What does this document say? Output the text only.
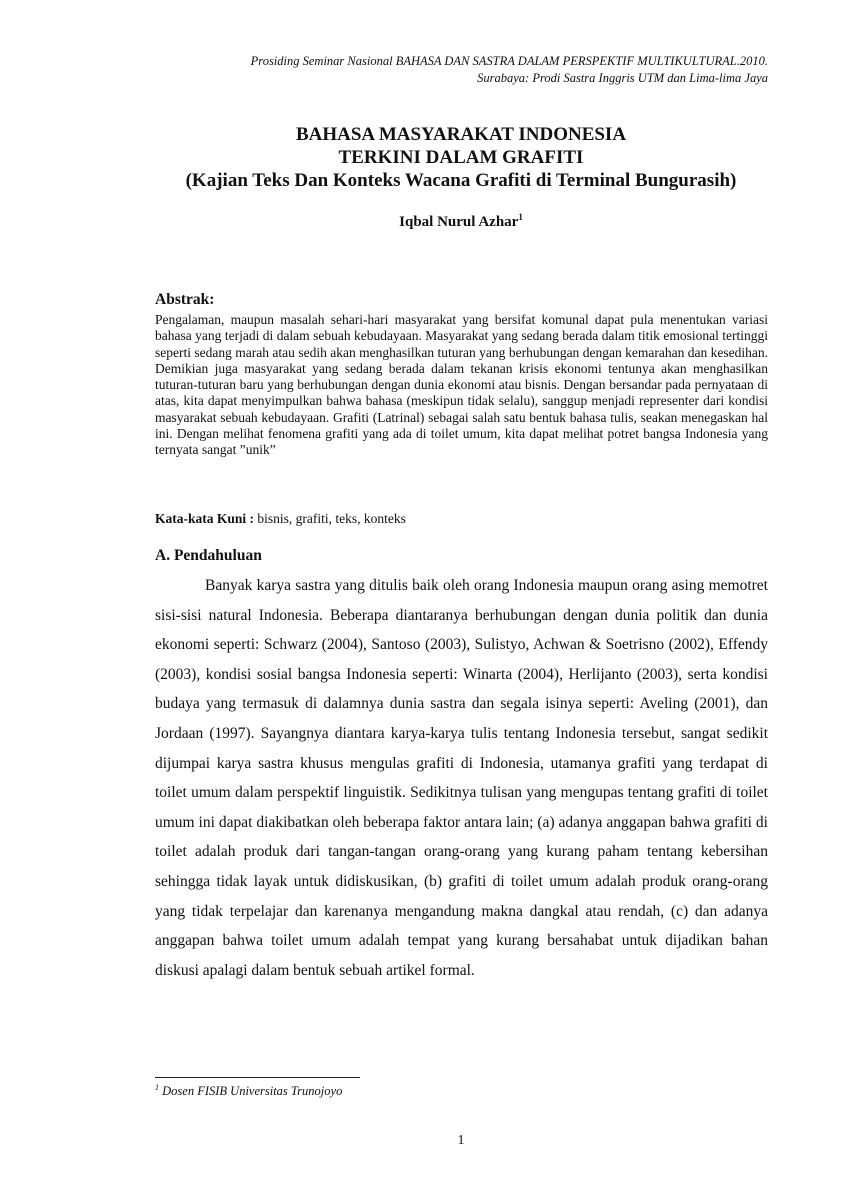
Prosiding Seminar Nasional BAHASA DAN SASTRA DALAM PERSPEKTIF MULTIKULTURAL.2010.
Surabaya: Prodi Sastra Inggris UTM dan Lima-lima Jaya
BAHASA MASYARAKAT INDONESIA
TERKINI DALAM GRAFITI
(Kajian Teks Dan Konteks Wacana Grafiti di Terminal Bungurasih)
Iqbal Nurul Azhar$^1$
Abstrak:
Pengalaman, maupun masalah sehari-hari masyarakat yang bersifat komunal dapat pula menentukan variasi bahasa yang terjadi di dalam sebuah kebudayaan. Masyarakat yang sedang berada dalam titik emosional tertinggi seperti sedang marah atau sedih akan menghasilkan tuturan yang berhubungan dengan kemarahan dan kesedihan. Demikian juga masyarakat yang sedang berada dalam tekanan krisis ekonomi tentunya akan menghasilkan tuturan-tuturan baru yang berhubungan dengan dunia ekonomi atau bisnis. Dengan bersandar pada pernyataan di atas, kita dapat menyimpulkan bahwa bahasa (meskipun tidak selalu), sanggup menjadi representer dari kondisi masyarakat sebuah kebudayaan. Grafiti (Latrinal) sebagai salah satu bentuk bahasa tulis, seakan menegaskan hal ini. Dengan melihat fenomena grafiti yang ada di toilet umum, kita dapat melihat potret bangsa Indonesia yang ternyata sangat ”unik”
Kata-kata Kuni : bisnis, grafiti, teks, konteks
A. Pendahuluan
Banyak karya sastra yang ditulis baik oleh orang Indonesia maupun orang asing memotret sisi-sisi natural Indonesia. Beberapa diantaranya berhubungan dengan dunia politik dan dunia ekonomi seperti: Schwarz (2004), Santoso (2003), Sulistyo, Achwan & Soetrisno (2002), Effendy (2003), kondisi sosial bangsa Indonesia seperti: Winarta (2004), Herlijanto (2003), serta kondisi budaya yang termasuk di dalamnya dunia sastra dan segala isinya seperti: Aveling (2001), dan Jordaan (1997). Sayangnya diantara karya-karya tulis tentang Indonesia tersebut, sangat sedikit dijumpai karya sastra khusus mengulas grafiti di Indonesia, utamanya grafiti yang terdapat di toilet umum dalam perspektif linguistik. Sedikitnya tulisan yang mengupas tentang grafiti di toilet umum ini dapat diakibatkan oleh beberapa faktor antara lain; (a) adanya anggapan bahwa grafiti di toilet adalah produk dari tangan-tangan orang-orang yang kurang paham tentang kebersihan sehingga tidak layak untuk didiskusikan, (b) grafiti di toilet umum adalah produk orang-orang yang tidak terpelajar dan karenanya mengandung makna dangkal atau rendah, (c) dan adanya anggapan bahwa toilet umum adalah tempat yang kurang bersahabat untuk dijadikan bahan diskusi apalagi dalam bentuk sebuah artikel formal.
$^1$ Dosen FISIB Universitas Trunojoyo
1
